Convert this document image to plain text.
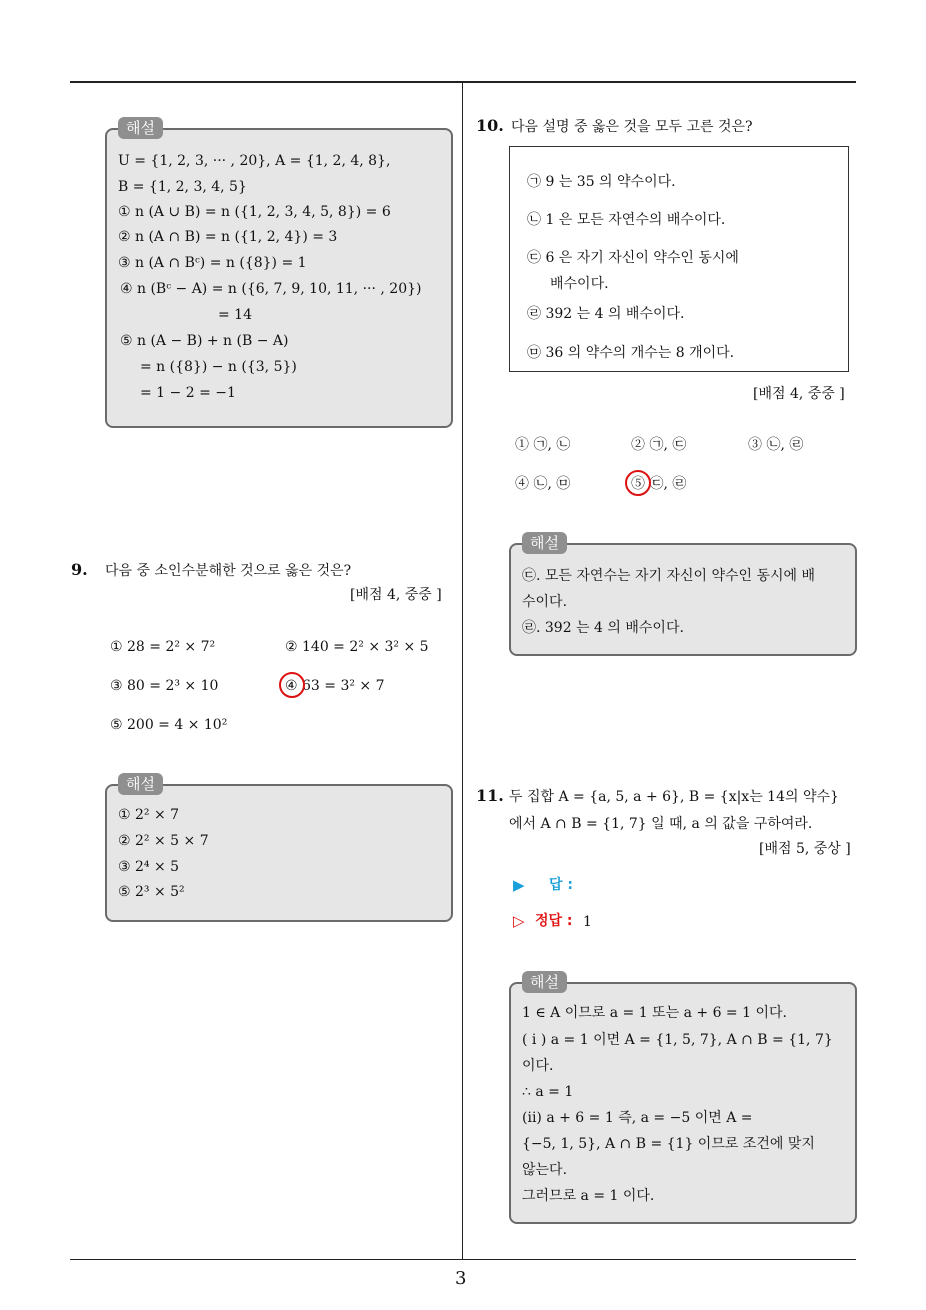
3
해설
U = {1, 2, 3, ··· , 20}, A = {1, 2, 4, 8},
B = {1, 2, 3, 4, 5}
① n (A ∪ B) = n ({1, 2, 3, 4, 5, 8}) = 6
② n (A ∩ B) = n ({1, 2, 4}) = 3
③ n (A ∩ Bᶜ) = n ({8}) = 1
④ n (Bᶜ − A) = n ({6, 7, 9, 10, 11, ··· , 20})
= 14
⑤ n (A − B) + n (B − A)
= n ({8}) − n ({3, 5})
= 1 − 2 = −1
9. 다음 중 소인수분해한 것으로 옳은 것은?
[배점 4, 중중 ]
① 28 = 2² × 7²	② 140 = 2² × 3² × 5
③ 80 = 2³ × 10	④ 63 = 3² × 7
⑤ 200 = 4 × 10²
해설
① 2² × 7
② 2² × 5 × 7
③ 2⁴ × 5
⑤ 2³ × 5²
10. 다음 설명 중 옳은 것을 모두 고른 것은?
㉠ 9 는 35 의 약수이다.
㉡ 1 은 모든 자연수의 배수이다.
㉢ 6 은 자기 자신이 약수인 동시에
배수이다.
㉣ 392 는 4 의 배수이다.
㉤ 36 의 약수의 개수는 8 개이다.
[배점 4, 중중 ]
① ㉠, ㉡	② ㉠, ㉢	③ ㉡, ㉣
④ ㉡, ㉤	⑤ ㉢, ㉣
해설
㉢. 모든 자연수는 자기 자신이 약수인 동시에 배
수이다.
㉣. 392 는 4 의 배수이다.
11. 두 집합 A = {a, 5, a + 6}, B = {x|x는 14의 약수}
에서 A ∩ B = {1, 7} 일 때, a 의 값을 구하여라.
[배점 5, 중상 ]
▶ 답 :
▷ 정답 : 1
해설
1 ∈ A 이므로 a = 1 또는 a + 6 = 1 이다.
( i ) a = 1 이면 A = {1, 5, 7}, A ∩ B = {1, 7}
이다.
∴ a = 1
(ii) a + 6 = 1 즉, a = −5 이면 A =
{−5, 1, 5}, A ∩ B = {1} 이므로 조건에 맞지
않는다.
그러므로 a = 1 이다.
